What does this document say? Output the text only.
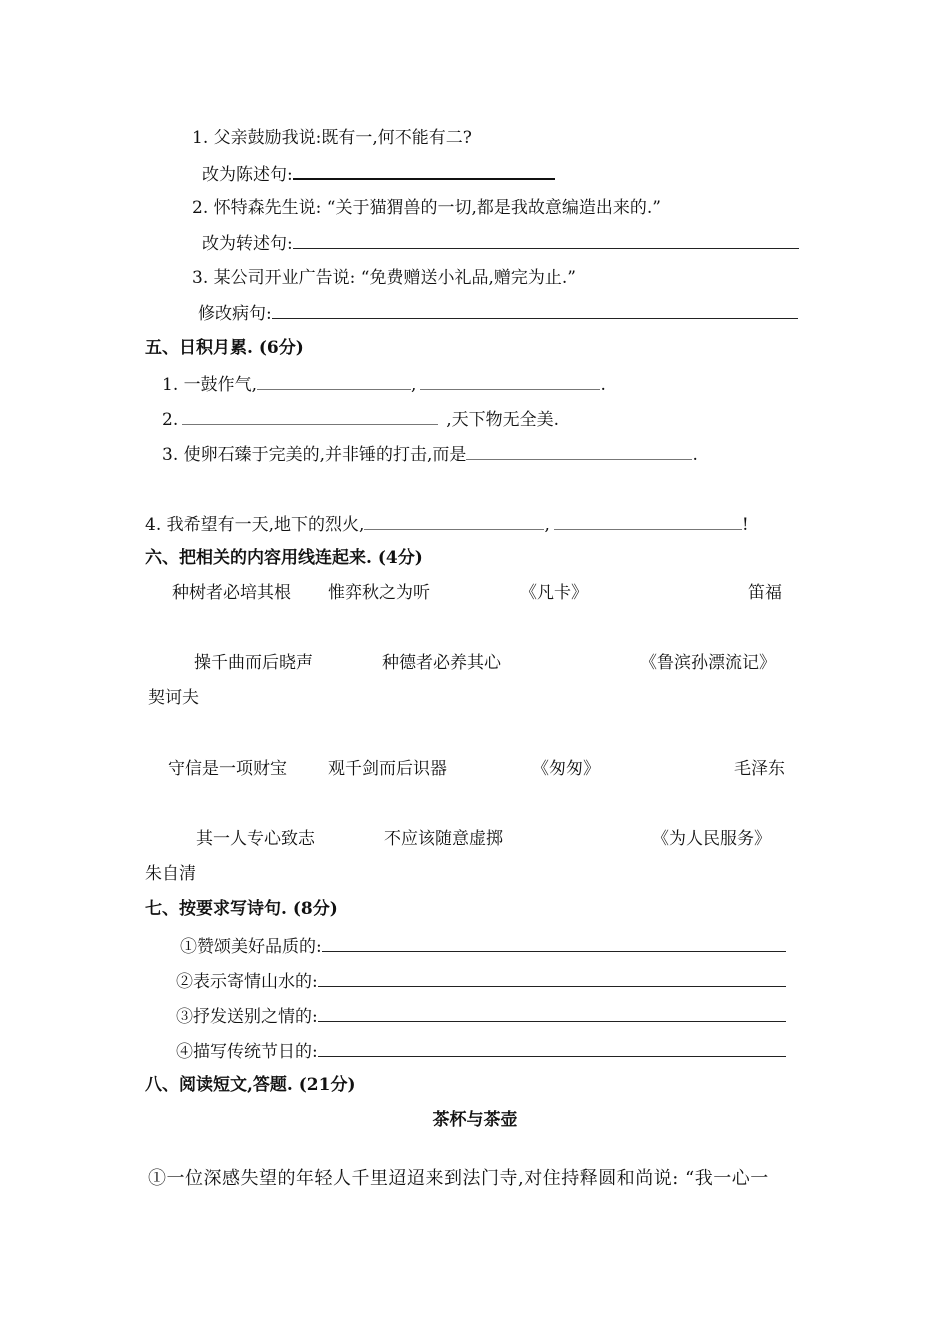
1. 父亲鼓励我说:既有一,何不能有二?
改为陈述句:
2. 怀特森先生说: “关于猫猬兽的一切,都是我故意编造出来的.”
改为转述句:
3. 某公司开业广告说: “免费赠送小礼品,赠完为止.”
修改病句:
五、日积月累. (6分)
1. 一鼓作气,	,	.
2.	,天下物无全美.
3. 使卵石臻于完美的,并非锤的打击,而是	.
4. 我希望有一天,地下的烈火,	,	!
六、把相关的内容用线连起来. (4分)
种树者必培其根 惟弈秋之为听	《凡卡》	笛福
操千曲而后晓声	种德者必养其心	《鲁滨孙漂流记》
契诃夫
守信是一项财宝 观千剑而后识器	《匆匆》	毛泽东
其一人专心致志	不应该随意虚掷	《为人民服务》
朱自清
七、按要求写诗句. (8分)
①赞颂美好品质的:
②表示寄情山水的:
③抒发送别之情的:
④描写传统节日的:
八、阅读短文,答题. (21分)
茶杯与茶壶
①一位深感失望的年轻人千里迢迢来到法门寺,对住持释圆和尚说: “我一心一
